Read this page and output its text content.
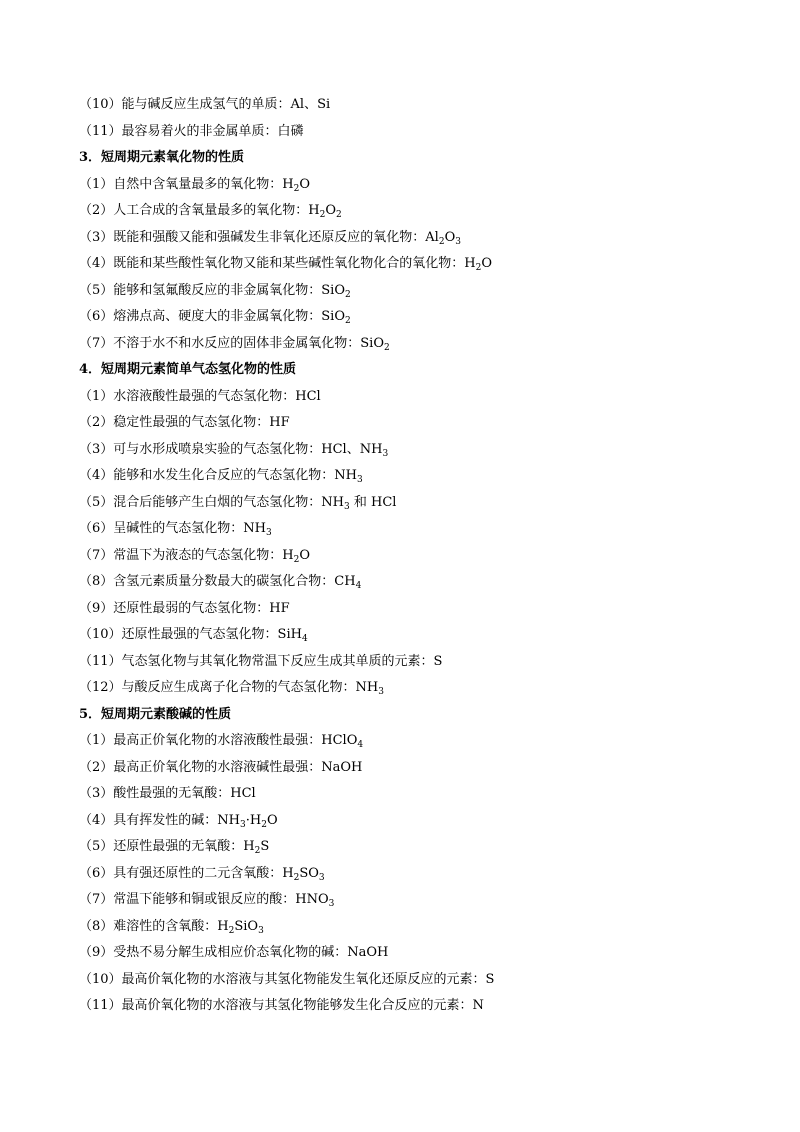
（10）能与碱反应生成氢气的单质：Al、Si
（11）最容易着火的非金属单质：白磷
3．短周期元素氧化物的性质
（1）自然中含氧量最多的氧化物：$H_2O$
（2）人工合成的含氧量最多的氧化物：$H_2O_2$
（3）既能和强酸又能和强碱发生非氧化还原反应的氧化物：$Al_2O_3$
（4）既能和某些酸性氧化物又能和某些碱性氧化物化合的氧化物：$H_2O$
（5）能够和氢氟酸反应的非金属氧化物：SiO$_2$
（6）熔沸点高、硬度大的非金属氧化物：SiO$_2$
（7）不溶于水不和水反应的固体非金属氧化物：SiO$_2$
4．短周期元素简单气态氢化物的性质
（1）水溶液酸性最强的气态氢化物：HCl
（2）稳定性最强的气态氢化物：HF
（3）可与水形成喷泉实验的气态氢化物：HCl、$NH_3$
（4）能够和水发生化合反应的气态氢化物：$NH_3$
（5）混合后能够产生白烟的气态氢化物：$NH_3$ 和 HCl
（6）呈碱性的气态氢化物：$NH_3$
（7）常温下为液态的气态氢化物：$H_2O$
（8）含氢元素质量分数最大的碳氢化合物：$CH_4$
（9）还原性最弱的气态氢化物：HF
（10）还原性最强的气态氢化物：SiH$_4$
（11）气态氢化物与其氧化物常温下反应生成其单质的元素：S
（12）与酸反应生成离子化合物的气态氢化物：$NH_3$
5．短周期元素酸碱的性质
（1）最高正价氧化物的水溶液酸性最强：HClO$_4$
（2）最高正价氧化物的水溶液碱性最强：NaOH
（3）酸性最强的无氧酸：HCl
（4）具有挥发性的碱：$NH_3\cdot H_2O$
（5）还原性最强的无氧酸：$H_2S$
（6）具有强还原性的二元含氧酸：$H_2SO_3$
（7）常温下能够和铜或银反应的酸：$HNO_3$
（8）难溶性的含氧酸：$H_2SiO_3$
（9）受热不易分解生成相应价态氧化物的碱：NaOH
（10）最高价氧化物的水溶液与其氢化物能发生氧化还原反应的元素：S
（11）最高价氧化物的水溶液与其氢化物能够发生化合反应的元素：N
